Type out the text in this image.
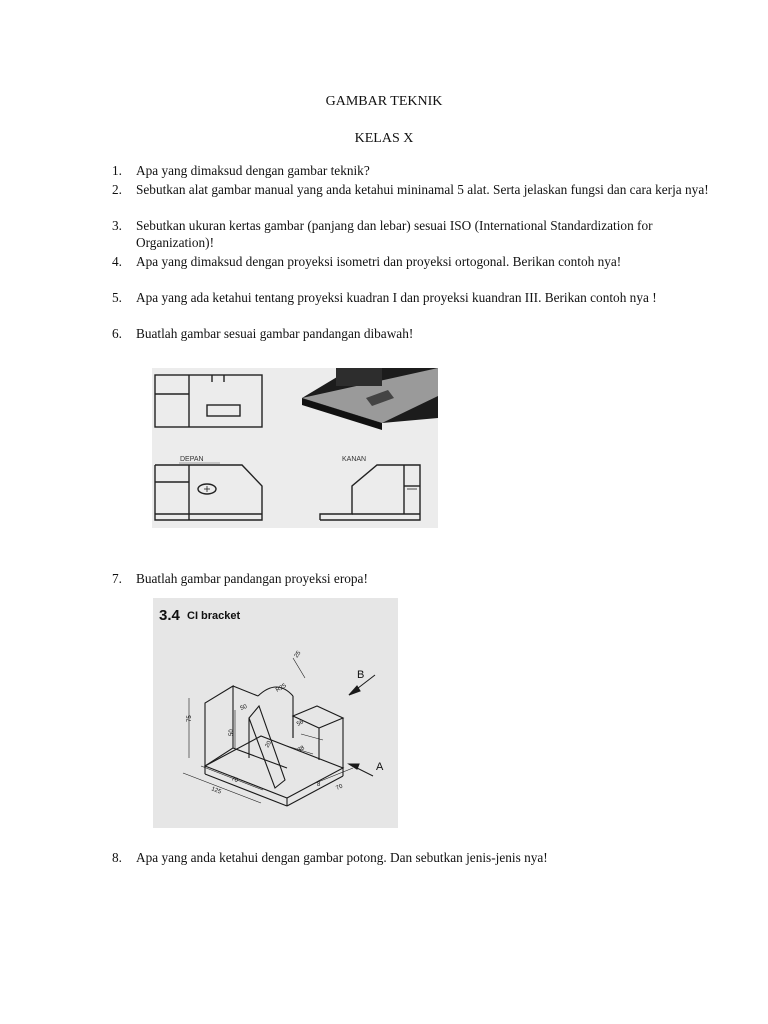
GAMBAR TEKNIK
KELAS X
1.	Apa yang dimaksud dengan gambar teknik?
2.	Sebutkan alat gambar manual yang anda ketahui mininamal 5 alat. Serta jelaskan fungsi dan cara kerja nya!
3.	Sebutkan ukuran kertas gambar (panjang dan lebar) sesuai ISO (International Standardization for Organization)!
4.	Apa yang dimaksud dengan proyeksi isometri dan proyeksi ortogonal. Berikan contoh nya!
5.	Apa yang ada ketahui tentang proyeksi kuadran I dan proyeksi kuandran III. Berikan contoh nya !
6.	Buatlah gambar sesuai gambar pandangan dibawah!
DEPAN	KANAN
7.	Buatlah gambar pandangan proyeksi eropa!
3.4 CI bracket
B
A
25
R25
50
75
50
56
20
38
70
125
8 70
8.	Apa yang anda ketahui dengan gambar potong. Dan sebutkan jenis-jenis nya!
